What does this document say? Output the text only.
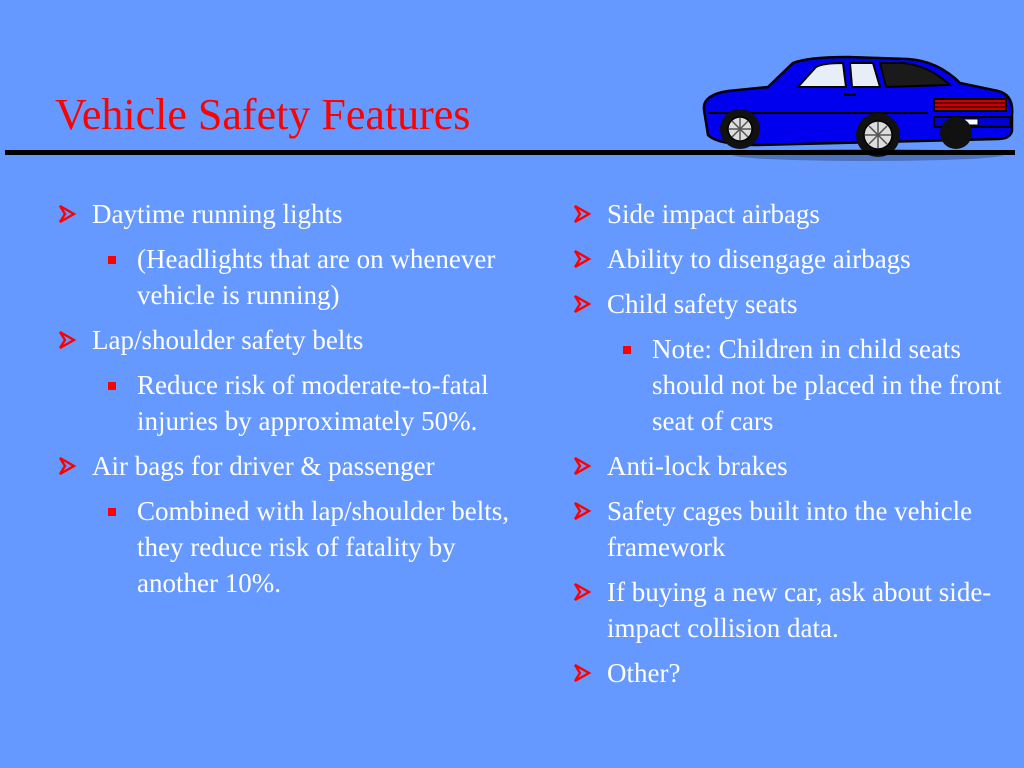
Vehicle Safety Features
Daytime running lights
(Headlights that are on whenever vehicle is running)
Lap/shoulder safety belts
Reduce risk of moderate-to-fatal injuries by approximately 50%.
Air bags for driver & passenger
Combined with lap/shoulder belts, they reduce risk of fatality by another 10%.
Side impact airbags
Ability to disengage airbags
Child safety seats
Note: Children in child seats should not be placed in the front seat of cars
Anti-lock brakes
Safety cages built into the vehicle framework
If buying a new car, ask about side-impact collision data.
Other?
